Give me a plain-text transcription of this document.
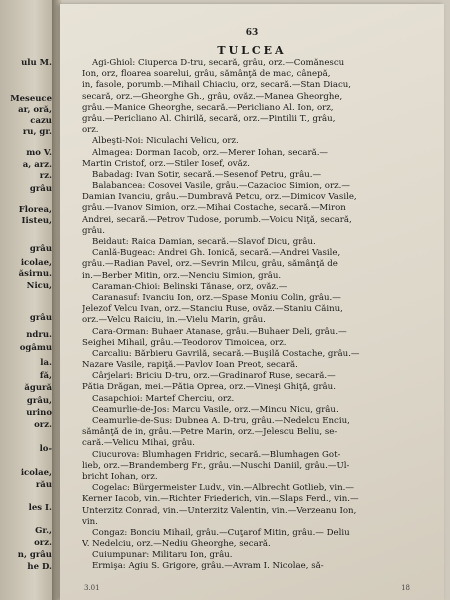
ulu M.
Meseuce
ar, oră,
cazu
ru, gr.
mo V.
a, arz.
rz.
grâu
Florea,
Iisteu,
grâu
icolae,
ăsirnu.
Nicu,
grâu
ndru.
ogâmu
la.
fă,
ăgură
grâu,
urino
orz.
lo-
icolae,
rău
les I.
Gr.,
orz.
n, grâu
he D.
63
TULCEA
Agi-Ghiol: Ciuperca D-tru, secară, grâu, orz.—Comănescu
Ion, orz, floarea soarelui, grâu, sămânţă de mac, cânepă,
in, fasole, porumb.—Mihail Chiaciu, orz, secară.—Stan Diacu,
secară, orz.—Gheorghe Gh., grâu, ovăz.—Manea Gheorghe,
grâu.—Manice Gheorghe, secară.—Pericliano Al. Ion, orz,
grâu.—Pericliano Al. Chirilă, secară, orz.—Pintilii T., grâu,
orz.
Albeşti-Noi: Niculachi Velicu, orz.
Almagea: Dorman Iacob, orz.—Merer Iohan, secară.—
Martin Cristof, orz.—Stiler Iosef, ovăz.
Babadag: Ivan Sotir, secară.—Sesenof Petru, grâu.—
Balabancea: Cosovei Vasile, grâu.—Cazacioc Simion, orz.—
Damian Ivanciu, grâu.—Dumbravă Petcu, orz.—Dimicov Vasile,
grâu.—Ivanov Simion, orz.—Mihai Costache, secară.—Miron
Andrei, secară.—Petrov Tudose, porumb.—Voicu Niţă, secară,
grâu.
Beidaut: Raica Damian, secară.—Slavof Dicu, grâu.
Canlă-Bugeac: Andrei Gh. Ionică, secară.—Andrei Vasile,
grâu.—Radian Pavel, orz.—Sevrin Milcu, grâu, sămânţă de
in.—Berber Mitin, orz.—Nenciu Simion, grâu.
Caraman-Chioi: Belinski Tănase, orz, ovăz.—
Caranasuf: Ivanciu Ion, orz.—Spase Moniu Colin, grâu.—
Jelezof Velcu Ivan, orz.—Stanciu Ruse, ovăz.—Staniu Căinu,
orz.—Velcu Raiciu, in.—Vielu Marin, grâu.
Cara-Orman: Buhaer Atanase, grâu.—Buhaer Deli, grâu.—
Seighei Mihail, grâu.—Teodorov Timoicea, orz.
Carcaliu: Bărbieru Gavrilă, secară.—Buşilă Costache, grâu.—
Nazare Vasile, rapiţă.—Pavlov Ioan Preot, secară.
Cârjelari: Briciu D-tru, orz.—Gradinarof Ruse, secară.—
Pătia Drăgan, mei.—Pătia Oprea, orz.—Vineşi Ghiţă, grâu.
Casapchioi: Martef Cherciu, orz.
Ceamurlie-de-Jos: Marcu Vasile, orz.—Mincu Nicu, grâu.
Ceamurlie-de-Sus: Dubnea A. D-tru, grâu.—Nedelcu Enciu,
sămânţă de in, grâu.—Petre Marin, orz.—Jelescu Beliu, se-
cară.—Velicu Mihai, grâu.
Ciucurova: Blumhagen Fridric, secară.—Blumhagen Got-
lieb, orz.—Brandemberg Fr., grâu.—Nuschi Daniil, grâu.—Ul-
bricht Iohan, orz.
Cogelac: Bürgermeister Ludv., vin.—Albrecht Gotlieb, vin.—
Kerner Iacob, vin.—Richter Friederich, vin.—Slaps Ferd., vin.—
Unterzitz Conrad, vin.—Unterzitz Valentin, vin.—Verzeanu Ion,
vin.
Congaz: Bonciu Mihail, grâu.—Cuţarof Mitin, grâu.— Deliu
V. Nedelciu, orz.—Nediu Gheorghe, secară.
Cuiumpunar: Militaru Ion, grâu.
Ermişa: Agiu S. Grigore, grâu.—Avram I. Nicolae, să-
3.01	18
